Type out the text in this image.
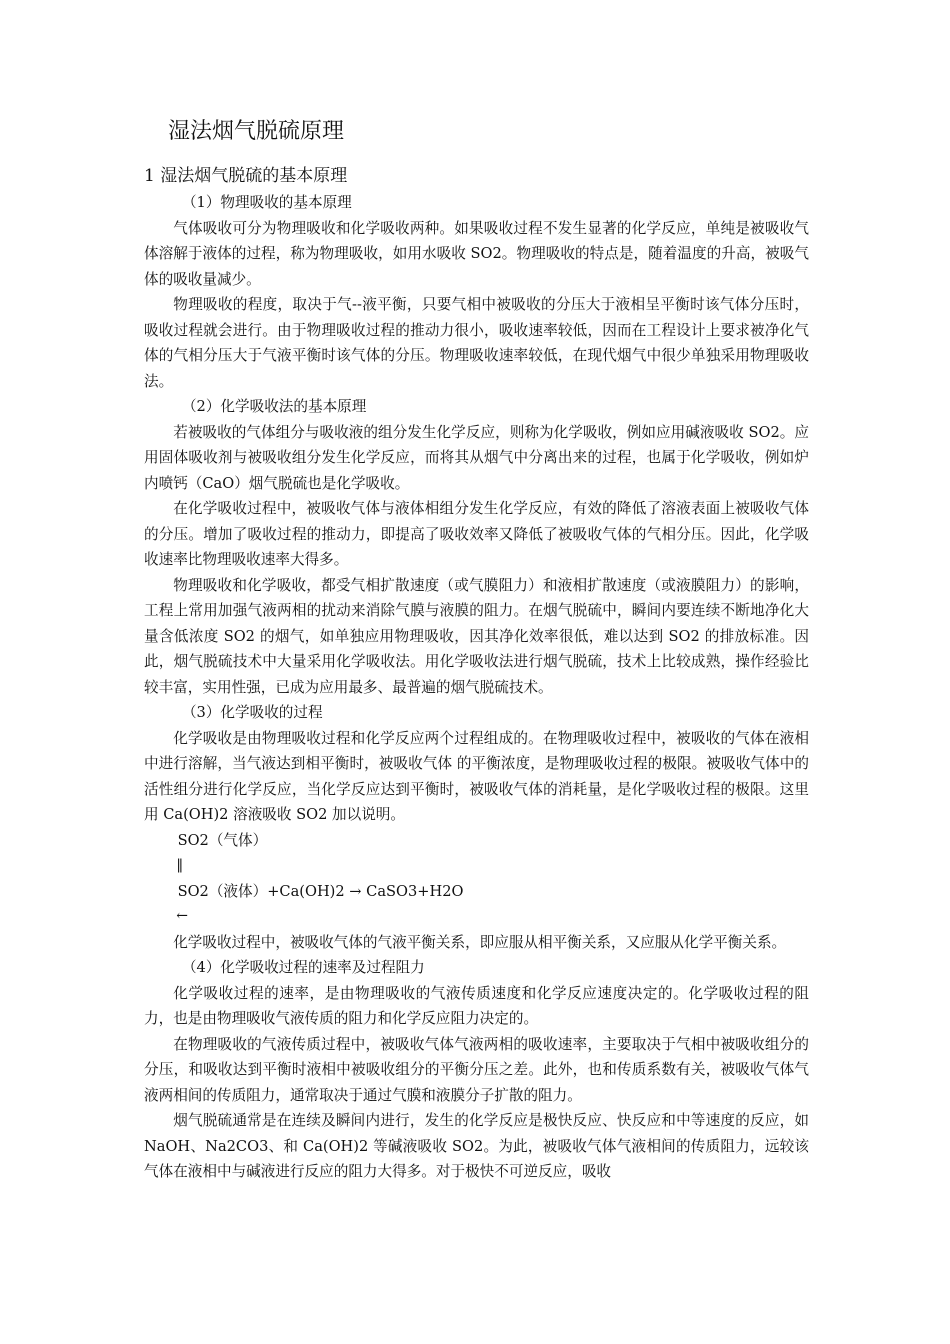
湿法烟气脱硫原理
1 湿法烟气脱硫的基本原理

（1）物理吸收的基本原理

气体吸收可分为物理吸收和化学吸收两种。如果吸收过程不发生显著的化学反应，单纯是被吸收气体溶解于液体的过程，称为物理吸收，如用水吸收 SO2。物理吸收的特点是，随着温度的升高，被吸气体的吸收量减少。

物理吸收的程度，取决于气--液平衡，只要气相中被吸收的分压大于液相呈平衡时该气体分压时，吸收过程就会进行。由于物理吸收过程的推动力很小，吸收速率较低，因而在工程设计上要求被净化气体的气相分压大于气液平衡时该气体的分压。物理吸收速率较低，在现代烟气中很少单独采用物理吸收法。

（2）化学吸收法的基本原理

若被吸收的气体组分与吸收液的组分发生化学反应，则称为化学吸收，例如应用碱液吸收 SO2。应用固体吸收剂与被吸收组分发生化学反应，而将其从烟气中分离出来的过程，也属于化学吸收，例如炉内喷钙（CaO）烟气脱硫也是化学吸收。

在化学吸收过程中，被吸收气体与液体相组分发生化学反应，有效的降低了溶液表面上被吸收气体的分压。增加了吸收过程的推动力，即提高了吸收效率又降低了被吸收气体的气相分压。因此，化学吸收速率比物理吸收速率大得多。

物理吸收和化学吸收，都受气相扩散速度（或气膜阻力）和液相扩散速度（或液膜阻力）的影响，工程上常用加强气液两相的扰动来消除气膜与液膜的阻力。在烟气脱硫中，瞬间内要连续不断地净化大量含低浓度 SO2 的烟气，如单独应用物理吸收，因其净化效率很低，难以达到 SO2 的排放标准。因此，烟气脱硫技术中大量采用化学吸收法。用化学吸收法进行烟气脱硫，技术上比较成熟，操作经验比较丰富，实用性强，已成为应用最多、最普遍的烟气脱硫技术。

（3）化学吸收的过程

化学吸收是由物理吸收过程和化学反应两个过程组成的。在物理吸收过程中，被吸收的气体在液相中进行溶解，当气液达到相平衡时，被吸收气体 的平衡浓度，是物理吸收过程的极限。被吸收气体中的活性组分进行化学反应，当化学反应达到平衡时，被吸收气体的消耗量，是化学吸收过程的极限。这里用 Ca(OH)2 溶液吸收 SO2 加以说明。

SO2（气体）

‖

SO2（液体）+Ca(OH)2 → CaSO3+H2O

←

化学吸收过程中，被吸收气体的气液平衡关系，即应服从相平衡关系，又应服从化学平衡关系。

（4）化学吸收过程的速率及过程阻力

化学吸收过程的速率，是由物理吸收的气液传质速度和化学反应速度决定的。化学吸收过程的阻力，也是由物理吸收气液传质的阻力和化学反应阻力决定的。

在物理吸收的气液传质过程中，被吸收气体气液两相的吸收速率，主要取决于气相中被吸收组分的分压，和吸收达到平衡时液相中被吸收组分的平衡分压之差。此外，也和传质系数有关，被吸收气体气液两相间的传质阻力，通常取决于通过气膜和液膜分子扩散的阻力。

烟气脱硫通常是在连续及瞬间内进行，发生的化学反应是极快反应、快反应和中等速度的反应，如 NaOH、Na2CO3、和 Ca(OH)2 等碱液吸收 SO2。为此，被吸收气体气液相间的传质阻力，远较该气体在液相中与碱液进行反应的阻力大得多。对于极快不可逆反应，吸收
